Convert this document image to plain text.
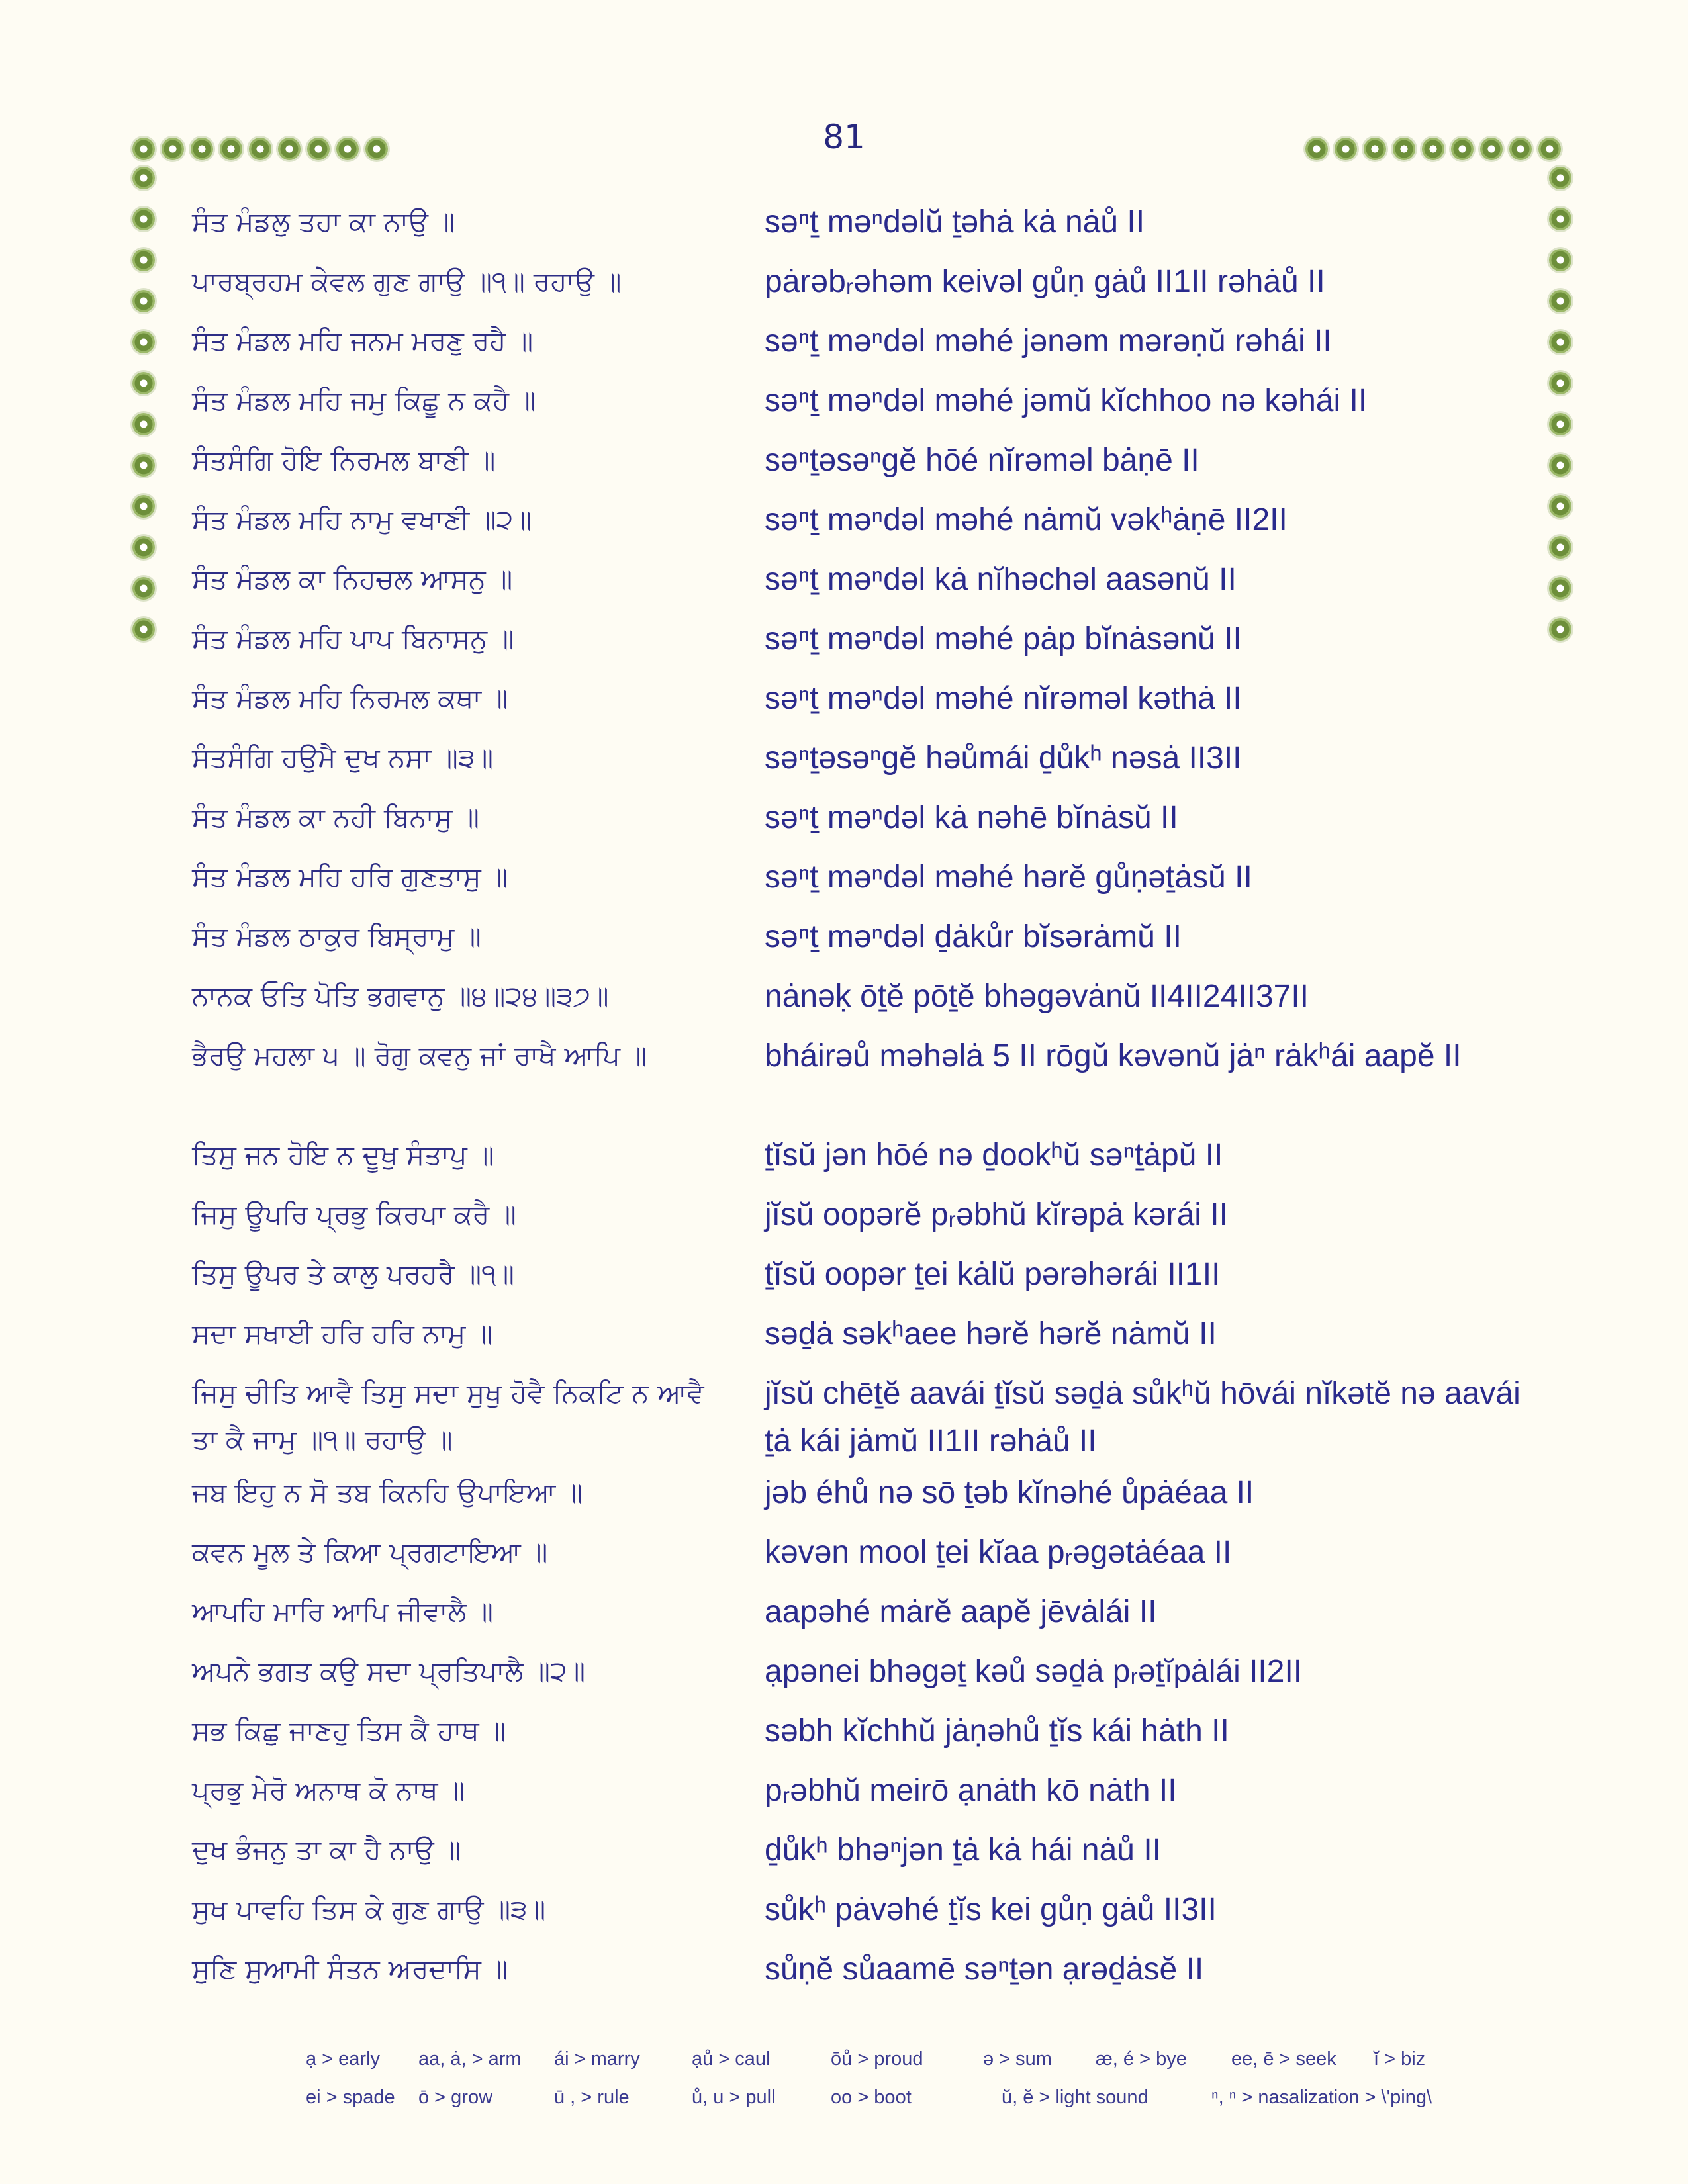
81
ਸੰਤ ਮੰਡਲੁ ਤਹਾ ਕਾ ਨਾਉ ॥	səⁿṯ məⁿdəlŭ ṯəhȧ kȧ nȧů II
ਪਾਰਬ੍ਰਹਮ ਕੇਵਲ ਗੁਣ ਗਾਉ ॥੧॥ ਰਹਾਉ ॥	pȧrəbᵣəhəm keivəl gůṇ gȧů II1II rəhȧů II
ਸੰਤ ਮੰਡਲ ਮਹਿ ਜਨਮ ਮਰਣੁ ਰਹੈ ॥	səⁿṯ məⁿdəl məhé jənəm mərəṇŭ rəhái II
ਸੰਤ ਮੰਡਲ ਮਹਿ ਜਮੁ ਕਿਛੂ ਨ ਕਹੈ ॥	səⁿṯ məⁿdəl məhé jəmŭ kĭchhoo nə kəhái II
ਸੰਤਸੰਗਿ ਹੋਇ ਨਿਰਮਲ ਬਾਣੀ ॥	səⁿṯəsəⁿgĕ hōé nĭrəməl bȧṇē II
ਸੰਤ ਮੰਡਲ ਮਹਿ ਨਾਮੁ ਵਖਾਣੀ ॥੨॥	səⁿṯ məⁿdəl məhé nȧmŭ vəkʰȧṇē II2II
ਸੰਤ ਮੰਡਲ ਕਾ ਨਿਹਚਲ ਆਸਨੁ ॥	səⁿṯ məⁿdəl kȧ nĭhəchəl aasənŭ II
ਸੰਤ ਮੰਡਲ ਮਹਿ ਪਾਪ ਬਿਨਾਸਨੁ ॥	səⁿṯ məⁿdəl məhé pȧp bĭnȧsənŭ II
ਸੰਤ ਮੰਡਲ ਮਹਿ ਨਿਰਮਲ ਕਥਾ ॥	səⁿṯ məⁿdəl məhé nĭrəməl kəthȧ II
ਸੰਤਸੰਗਿ ਹਉਮੈ ਦੁਖ ਨਸਾ ॥੩॥	səⁿṯəsəⁿgĕ həůmái ḏůkʰ nəsȧ II3II
ਸੰਤ ਮੰਡਲ ਕਾ ਨਹੀ ਬਿਨਾਸੁ ॥	səⁿṯ məⁿdəl kȧ nəhē bĭnȧsŭ II
ਸੰਤ ਮੰਡਲ ਮਹਿ ਹਰਿ ਗੁਣਤਾਸੁ ॥	səⁿṯ məⁿdəl məhé hərĕ gůṇəṯȧsŭ II
ਸੰਤ ਮੰਡਲ ਠਾਕੁਰ ਬਿਸ੍ਰਾਮੁ ॥	səⁿṯ məⁿdəl ḏȧkůr bĭsərȧmŭ II
ਨਾਨਕ ਓਤਿ ਪੋਤਿ ਭਗਵਾਨੁ ॥੪॥੨੪॥੩੭॥	nȧnəḳ ōṯĕ pōṯĕ bhəgəvȧnŭ II4II24II37II
ਭੈਰਉ ਮਹਲਾ ੫ ॥ ਰੋਗੁ ਕਵਨੁ ਜਾਂ ਰਾਖੈ ਆਪਿ ॥	bháirəů məhəlȧ 5 II rōgŭ kəvənŭ jȧⁿ rȧkʰái aapĕ II
ਤਿਸੁ ਜਨ ਹੋਇ ਨ ਦੂਖੁ ਸੰਤਾਪੁ ॥	ṯĭsŭ jən hōé nə ḏookʰŭ səⁿṯȧpŭ II
ਜਿਸੁ ਊਪਰਿ ਪ੍ਰਭੁ ਕਿਰਪਾ ਕਰੈ ॥	jĭsŭ oopərĕ pᵣəbhŭ kĭrəpȧ kərái II
ਤਿਸੁ ਊਪਰ ਤੇ ਕਾਲੁ ਪਰਹਰੈ ॥੧॥	ṯĭsŭ oopər ṯei kȧlŭ pərəhərái II1II
ਸਦਾ ਸਖਾਈ ਹਰਿ ਹਰਿ ਨਾਮੁ ॥	səḏȧ səkʰaee hərĕ hərĕ nȧmŭ II
ਜਿਸੁ ਚੀਤਿ ਆਵੈ ਤਿਸੁ ਸਦਾ ਸੁਖੁ ਹੋਵੈ ਨਿਕਟਿ ਨ ਆਵੈ ਤਾ ਕੈ ਜਾਮੁ ॥੧॥ ਰਹਾਉ ॥
jĭsŭ chēṯĕ aavái ṯĭsŭ səḏȧ sůkʰŭ hōvái nĭkətĕ nə aavái ṯȧ kái jȧmŭ II1II rəhȧů II
ਜਬ ਇਹੁ ਨ ਸੋ ਤਬ ਕਿਨਹਿ ਉਪਾਇਆ ॥	jəb éhů nə sō ṯəb kĭnəhé ůpȧéaa II
ਕਵਨ ਮੂਲ ਤੇ ਕਿਆ ਪ੍ਰਗਟਾਇਆ ॥	kəvən mool ṯei kĭaa pᵣəgətȧéaa II
ਆਪਹਿ ਮਾਰਿ ਆਪਿ ਜੀਵਾਲੈ ॥	aapəhé mȧrĕ aapĕ jēvȧlái II
ਅਪਨੇ ਭਗਤ ਕਉ ਸਦਾ ਪ੍ਰਤਿਪਾਲੈ ॥੨॥	ạpənei bhəgəṯ kəů səḏȧ pᵣəṯĭpȧlái II2II
ਸਭ ਕਿਛੁ ਜਾਣਹੁ ਤਿਸ ਕੈ ਹਾਥ ॥	səbh kĭchhŭ jȧṇəhů ṯĭs kái hȧth II
ਪ੍ਰਭੁ ਮੇਰੋ ਅਨਾਥ ਕੋ ਨਾਥ ॥	pᵣəbhŭ meirō ạnȧth kō nȧth II
ਦੁਖ ਭੰਜਨੁ ਤਾ ਕਾ ਹੈ ਨਾਉ ॥	ḏůkʰ bhəⁿjən ṯȧ kȧ hái nȧů II
ਸੁਖ ਪਾਵਹਿ ਤਿਸ ਕੇ ਗੁਣ ਗਾਉ ॥੩॥	sůkʰ pȧvəhé ṯĭs kei gůṇ gȧů II3II
ਸੁਣਿ ਸੁਆਮੀ ਸੰਤਨ ਅਰਦਾਸਿ ॥	sůṇĕ sůaamē səⁿṯən ạrəḏȧsĕ II
ạ > early	aa, ȧ, > arm	ái > marry	ạů > caul	ōů > proud	ə > sum	æ, é > bye	ee, ē > seek	ĭ > biz
ei > spade	ō > grow	ū , > rule	ů, u > pull	oo > boot	ŭ, ĕ > light sound	ⁿ, ⁿ > nasalization > \'ping\
